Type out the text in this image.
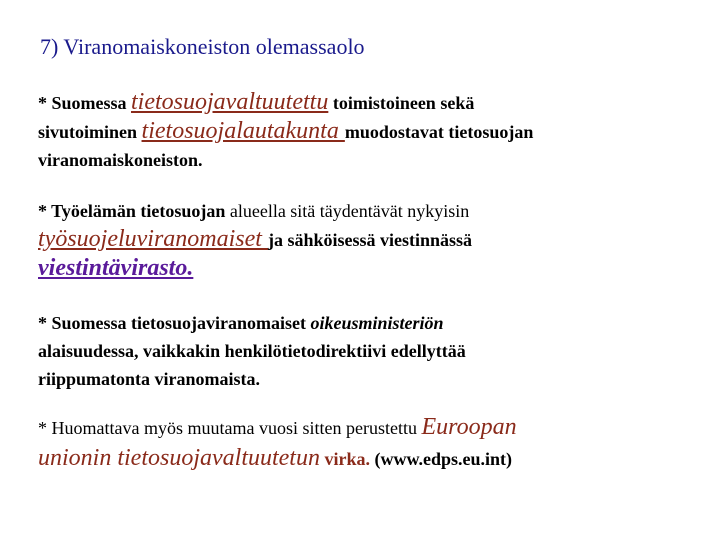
7) Viranomaiskoneiston olemassaolo
* Suomessa tietosuojavaltuutettu toimistoineen sekä
sivutoiminen tietosuojalautakunta muodostavat tietosuojan
viranomaiskoneiston.
* Työelämän tietosuojan alueella sitä täydentävät nykyisin
työsuojeluviranomaiset ja sähköisessä viestinnässä
viestintävirasto.
* Suomessa tietosuojaviranomaiset oikeusministeriön
alaisuudessa, vaikkakin henkilötietodirektiivi edellyttää
riippumatonta viranomaista.
* Huomattava myös muutama vuosi sitten perustettu Euroopan
unionin tietosuojavaltuutetun virka. (www.edps.eu.int)
